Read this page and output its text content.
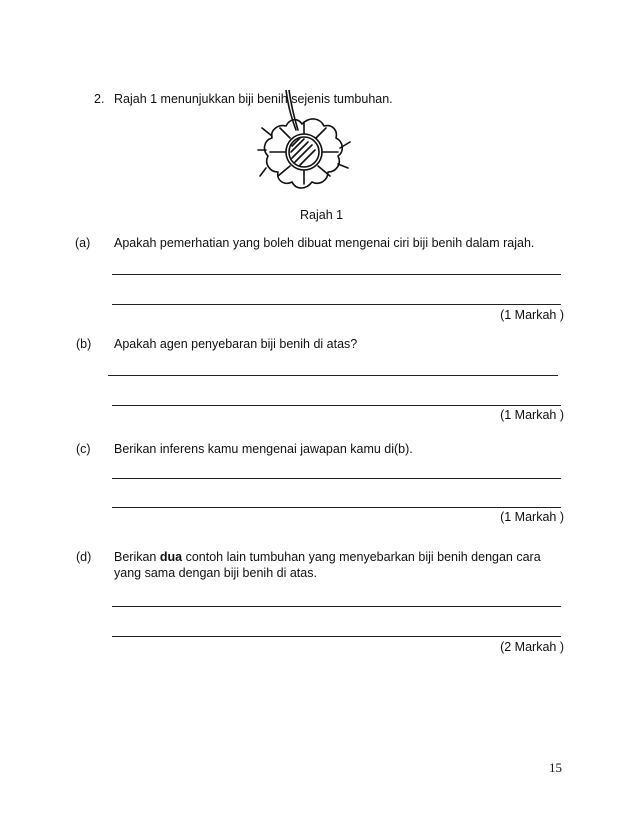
2. Rajah 1 menunjukkan biji benih sejenis tumbuhan.
Rajah 1
(a) Apakah pemerhatian yang boleh dibuat mengenai ciri biji benih dalam rajah.
(1 Markah )
(b) Apakah agen penyebaran biji benih di atas?
(1 Markah )
(c) Berikan inferens kamu mengenai jawapan kamu di(b).
(1 Markah )
(d) Berikan dua contoh lain tumbuhan yang menyebarkan biji benih dengan cara
yang sama dengan biji benih di atas.
(2 Markah )
15
